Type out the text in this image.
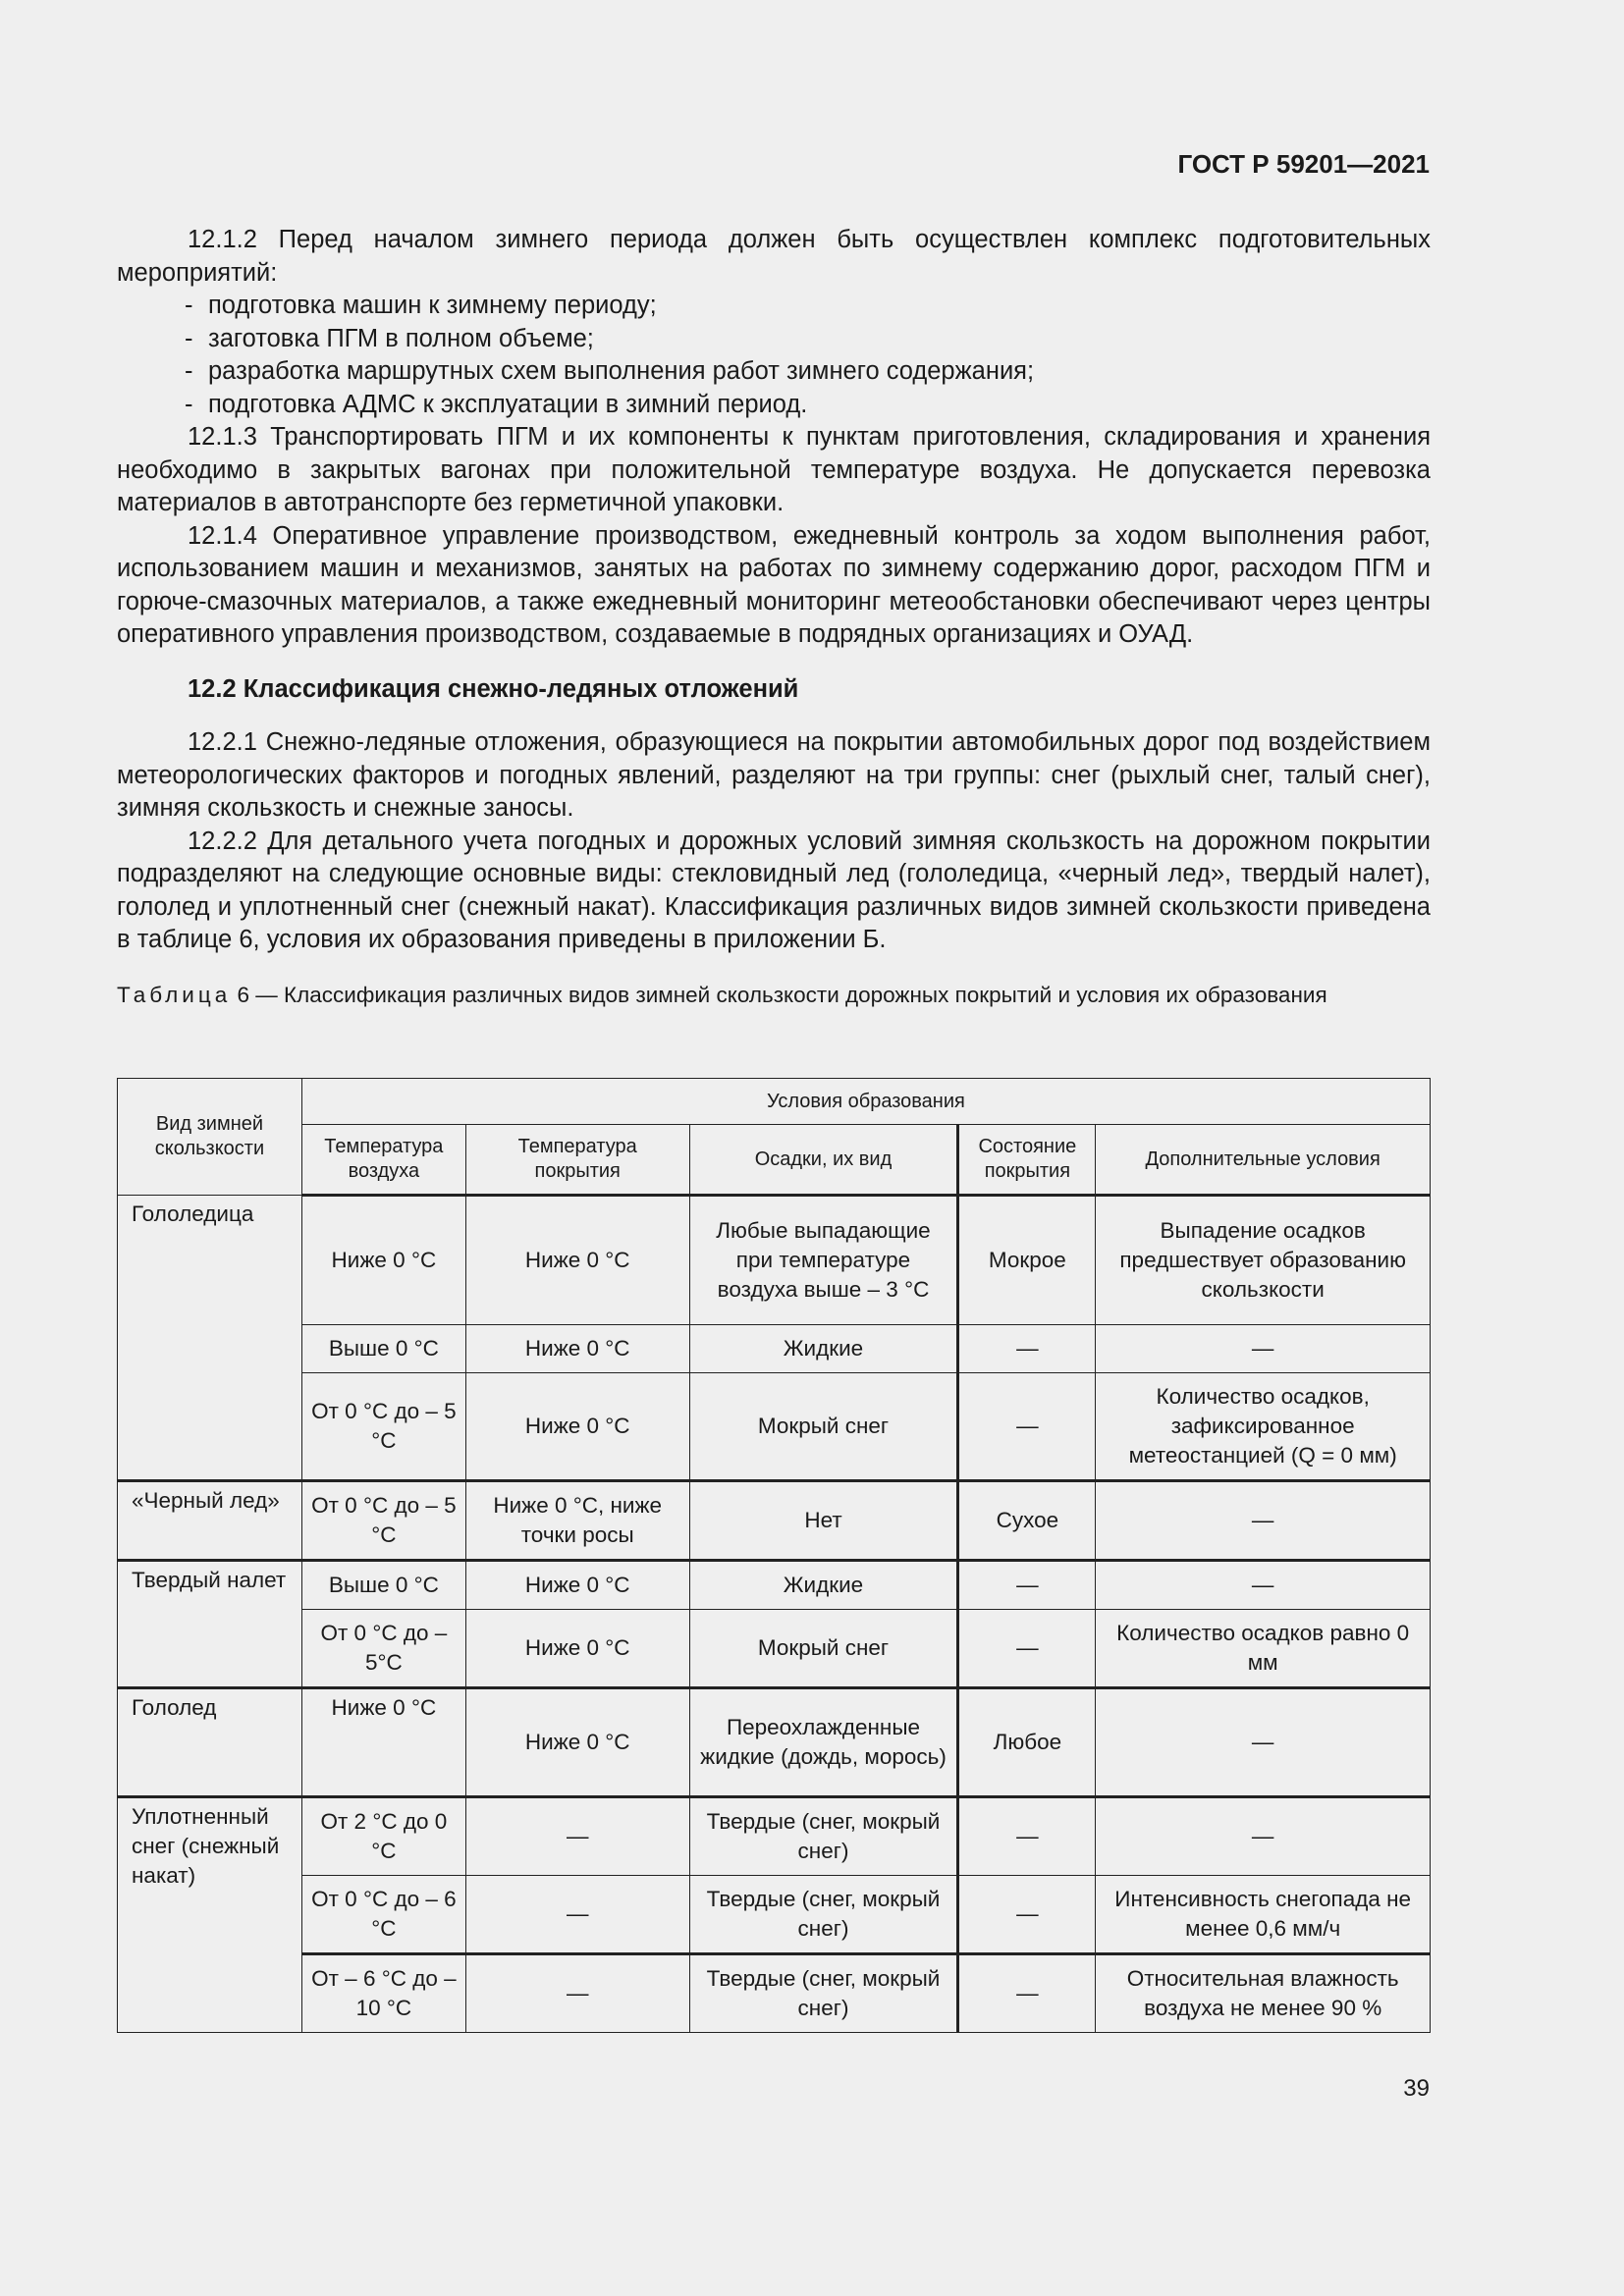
ГОСТ Р 59201—2021

12.1.2 Перед началом зимнего периода должен быть осуществлен комплекс подготовительных мероприятий:

- подготовка машин к зимнему периоду;

- заготовка ПГМ в полном объеме;

- разработка маршрутных схем выполнения работ зимнего содержания;

- подготовка АДМС к эксплуатации в зимний период.

12.1.3 Транспортировать ПГМ и их компоненты к пунктам приготовления, складирования и хранения необходимо в закрытых вагонах при положительной температуре воздуха. Не допускается перевозка материалов в автотранспорте без герметичной упаковки.

12.1.4 Оперативное управление производством, ежедневный контроль за ходом выполнения работ, использованием машин и механизмов, занятых на работах по зимнему содержанию дорог, расходом ПГМ и горюче-смазочных материалов, а также ежедневный мониторинг метеообстановки обеспечивают через центры оперативного управления производством, создаваемые в подрядных организациях и ОУАД.

12.2 Классификация снежно-ледяных отложений

12.2.1 Снежно-ледяные отложения, образующиеся на покрытии автомобильных дорог под воздействием метеорологических факторов и погодных явлений, разделяют на три группы: снег (рыхлый снег, талый снег), зимняя скользкость и снежные заносы.

12.2.2 Для детального учета погодных и дорожных условий зимняя скользкость на дорожном покрытии подразделяют на следующие основные виды: стекловидный лед (гололедица, «черный лед», твердый налет), гололед и уплотненный снег (снежный накат). Классификация различных видов зимней скользкости приведена в таблице 6, условия их образования приведены в приложении Б.

Таблица 6 — Классификация различных видов зимней скользкости дорожных покрытий и условия их образования

Вид зимней скользкости	Условия образования				
	Температура воздуха	Температура покрытия	Осадки, их вид	Состояние покрытия	Дополнительные условия
Гололедица	Ниже 0 °С	Ниже 0 °С	Любые выпадающие при температуре воздуха выше – 3 °С	Мокрое	Выпадение осадков предшествует образованию скользкости
	Выше 0 °С	Ниже 0 °С	Жидкие	—	—
	От 0 °С до – 5 °С	Ниже 0 °С	Мокрый снег	—	Количество осадков, зафиксированное метеостанцией (Q = 0 мм)
«Черный лед»	От 0 °С до – 5 °С	Ниже 0 °С, ниже точки росы	Нет	Сухое	—
Твердый налет	Выше 0 °С	Ниже 0 °С	Жидкие	—	—
	От 0 °С до – 5°С	Ниже 0 °С	Мокрый снег	—	Количество осадков равно 0 мм
Гололед	Ниже 0 °С	Ниже 0 °С	Переохлажденные жидкие (дождь, морось)	Любое	—
Уплотненный снег (снежный накат)	От 2 °С до 0 °С	—	Твердые (снег, мокрый снег)	—	—
	От 0 °С до – 6 °С	—	Твердые (снег, мокрый снег)	—	Интенсивность снегопада не менее 0,6 мм/ч
	От – 6 °С до – 10 °С	—	Твердые (снег, мокрый снег)	—	Относительная влажность воздуха не менее 90 %
39
